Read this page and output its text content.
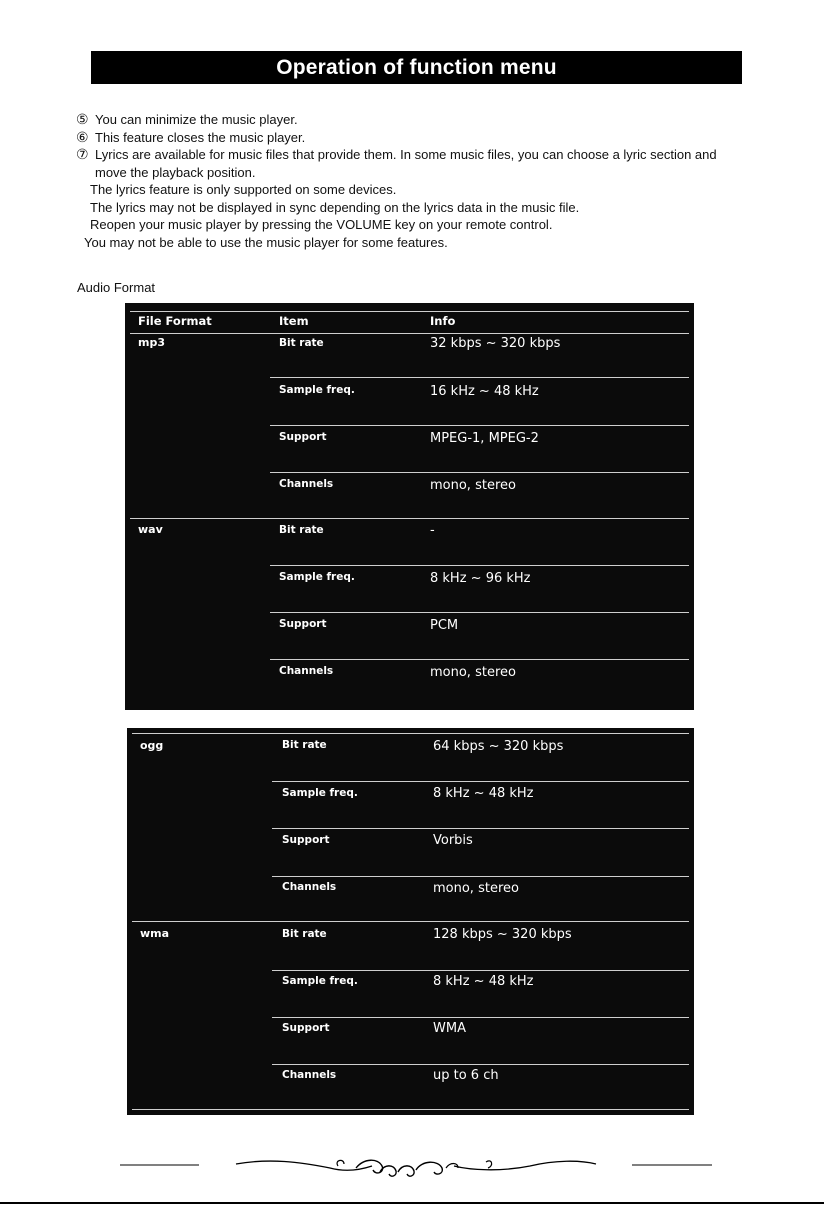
Operation of function menu
⑤ You can minimize the music player.
⑥ This feature closes the music player.
⑦ Lyrics are available for music files that provide them. In some music files, you can choose a lyric section and
move the playback position.
The lyrics feature is only supported on some devices.
The lyrics may not be displayed in sync depending on the lyrics data in the music file.
Reopen your music player by pressing the VOLUME key on your remote control.
You may not be able to use the music player for some features.
Audio Format
File Format	Item	Info
mp3	Bit rate	32 kbps ~ 320 kbps
Sample freq.	16 kHz ~ 48 kHz
Support	MPEG-1, MPEG-2
Channels	mono, stereo
wav	Bit rate	-
Sample freq.	8 kHz ~ 96 kHz
Support	PCM
Channels	mono, stereo
ogg	Bit rate	64 kbps ~ 320 kbps
Sample freq.	8 kHz ~ 48 kHz
Support	Vorbis
Channels	mono, stereo
wma	Bit rate	128 kbps ~ 320 kbps
Sample freq.	8 kHz ~ 48 kHz
Support	WMA
Channels	up to 6 ch
